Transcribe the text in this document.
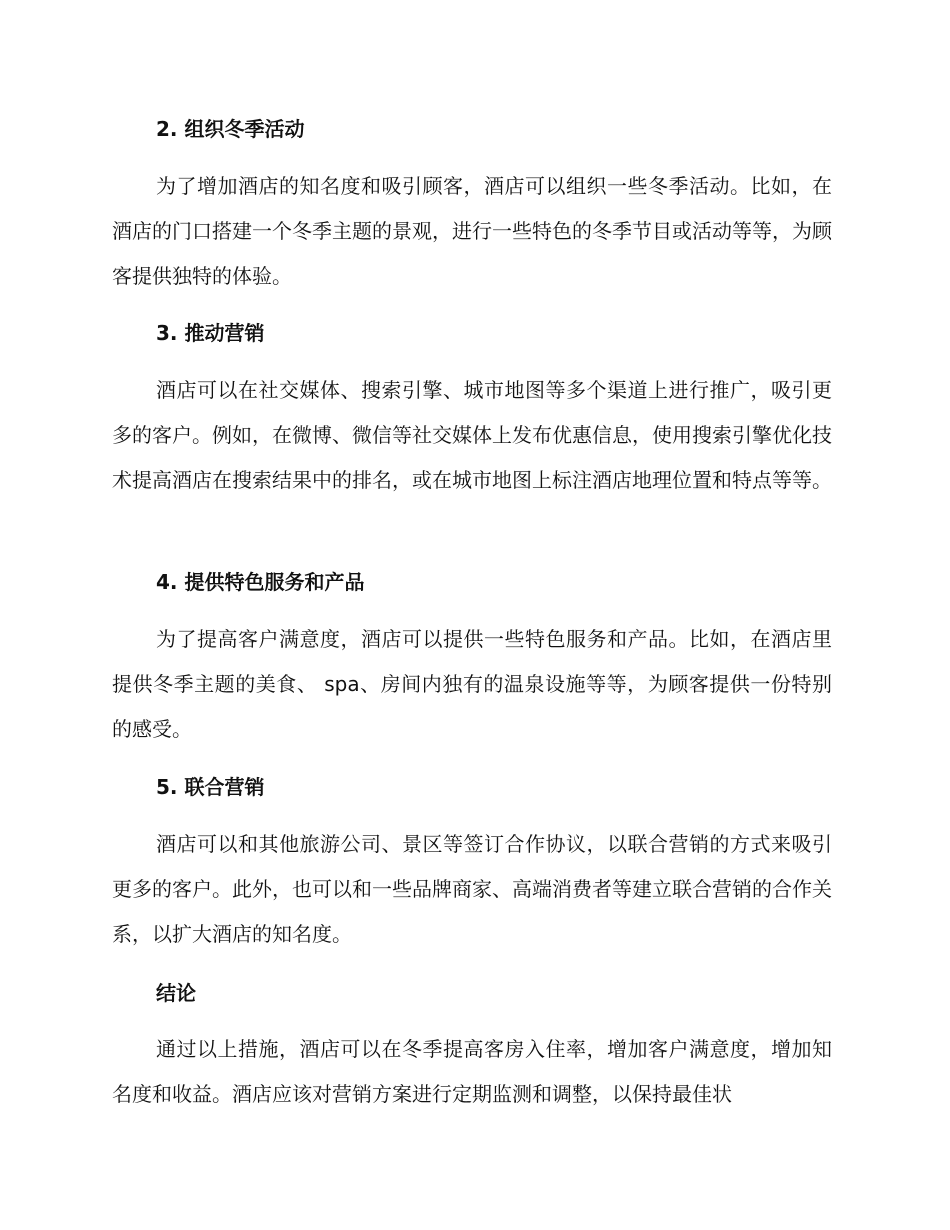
2. 组织冬季活动

为了增加酒店的知名度和吸引顾客，酒店可以组织一些冬季活动。比如，在酒店的门口搭建一个冬季主题的景观，进行一些特色的冬季节目或活动等等，为顾客提供独特的体验。

3. 推动营销

酒店可以在社交媒体、搜索引擎、城市地图等多个渠道上进行推广，吸引更多的客户。例如，在微博、微信等社交媒体上发布优惠信息，使用搜索引擎优化技术提高酒店在搜索结果中的排名，或在城市地图上标注酒店地理位置和特点等等。

4. 提供特色服务和产品

为了提高客户满意度，酒店可以提供一些特色服务和产品。比如，在酒店里提供冬季主题的美食、 spa、房间内独有的温泉设施等等，为顾客提供一份特别的感受。

5. 联合营销

酒店可以和其他旅游公司、景区等签订合作协议，以联合营销的方式来吸引更多的客户。此外，也可以和一些品牌商家、高端消费者等建立联合营销的合作关系，以扩大酒店的知名度。

结论

通过以上措施，酒店可以在冬季提高客房入住率，增加客户满意度，增加知名度和收益。酒店应该对营销方案进行定期监测和调整，以保持最佳状
